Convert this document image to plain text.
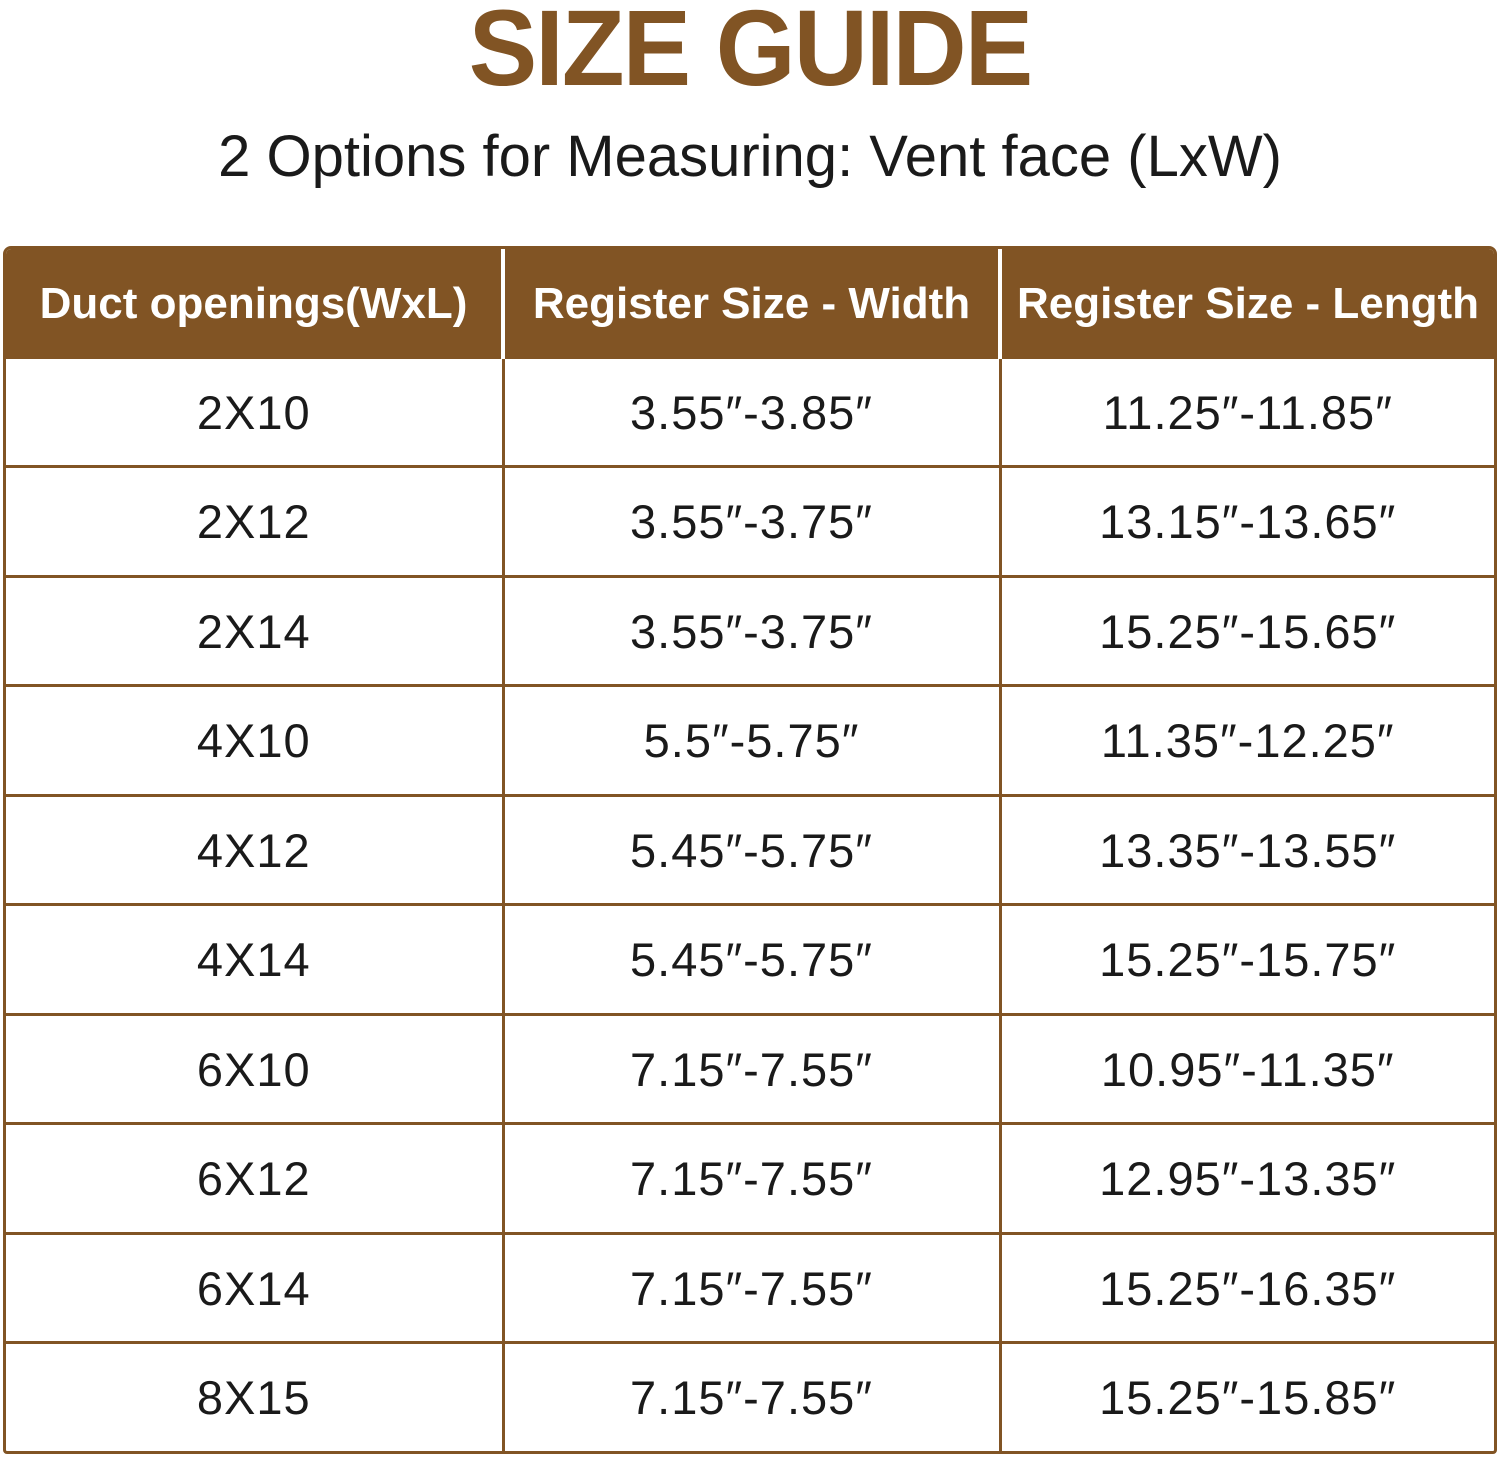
SIZE GUIDE

2 Options for Measuring: Vent face (LxW)

Duct openings(WxL)	Register Size - Width	Register Size - Length
2X10	3.55″-3.85″	11.25″-11.85″
2X12	3.55″-3.75″	13.15″-13.65″
2X14	3.55″-3.75″	15.25″-15.65″
4X10	5.5″-5.75″	11.35″-12.25″
4X12	5.45″-5.75″	13.35″-13.55″
4X14	5.45″-5.75″	15.25″-15.75″
6X10	7.15″-7.55″	10.95″-11.35″
6X12	7.15″-7.55″	12.95″-13.35″
6X14	7.15″-7.55″	15.25″-16.35″
8X15	7.15″-7.55″	15.25″-15.85″
